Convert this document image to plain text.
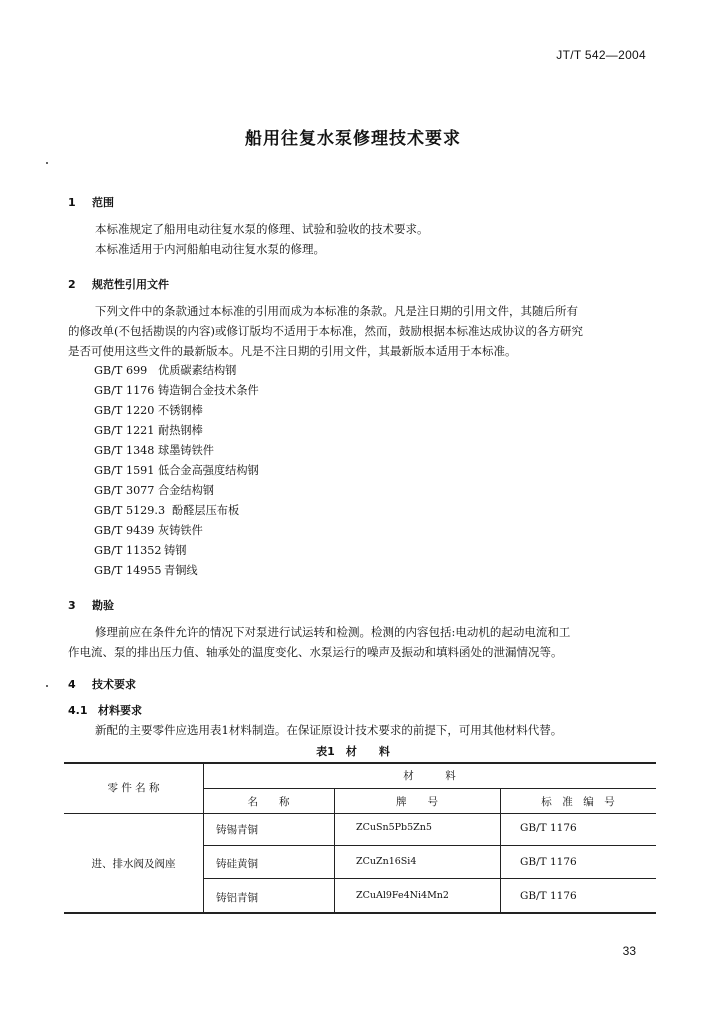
JT/T 542—2004
船用往复水泵修理技术要求
1 范围
本标准规定了船用电动往复水泵的修理、试验和验收的技术要求。
本标准适用于内河船舶电动往复水泵的修理。
2 规范性引用文件
下列文件中的条款通过本标准的引用而成为本标准的条款。凡是注日期的引用文件，其随后所有
的修改单(不包括勘误的内容)或修订版均不适用于本标准，然而，鼓励根据本标准达成协议的各方研究
是否可使用这些文件的最新版本。凡是不注日期的引用文件，其最新版本适用于本标准。
GB/T 699 优质碳素结构钢
GB/T 1176 铸造铜合金技术条件
GB/T 1220 不锈钢棒
GB/T 1221 耐热钢棒
GB/T 1348 球墨铸铁件
GB/T 1591 低合金高强度结构钢
GB/T 3077 合金结构钢
GB/T 5129.3 酚醛层压布板
GB/T 9439 灰铸铁件
GB/T 11352 铸钢
GB/T 14955 青铜线
3 勘验
修理前应在条件允许的情况下对泵进行试运转和检测。检测的内容包括:电动机的起动电流和工
作电流、泵的排出压力值、轴承处的温度变化、水泵运行的噪声及振动和填料函处的泄漏情况等。
4 技术要求
4.1 材料要求
新配的主要零件应选用表1材料制造。在保证原设计技术要求的前提下，可用其他材料代替。
表1　材　　料
零 件 名 称
材　　　料
名　　称	牌　　号	标　准　编　号
进、排水阀及阀座
铸锡青铜	ZCuSn5Pb5Zn5	GB/T 1176
铸硅黄铜	ZCuZn16Si4	GB/T 1176
铸铝青铜	ZCuAl9Fe4Ni4Mn2	GB/T 1176
33
